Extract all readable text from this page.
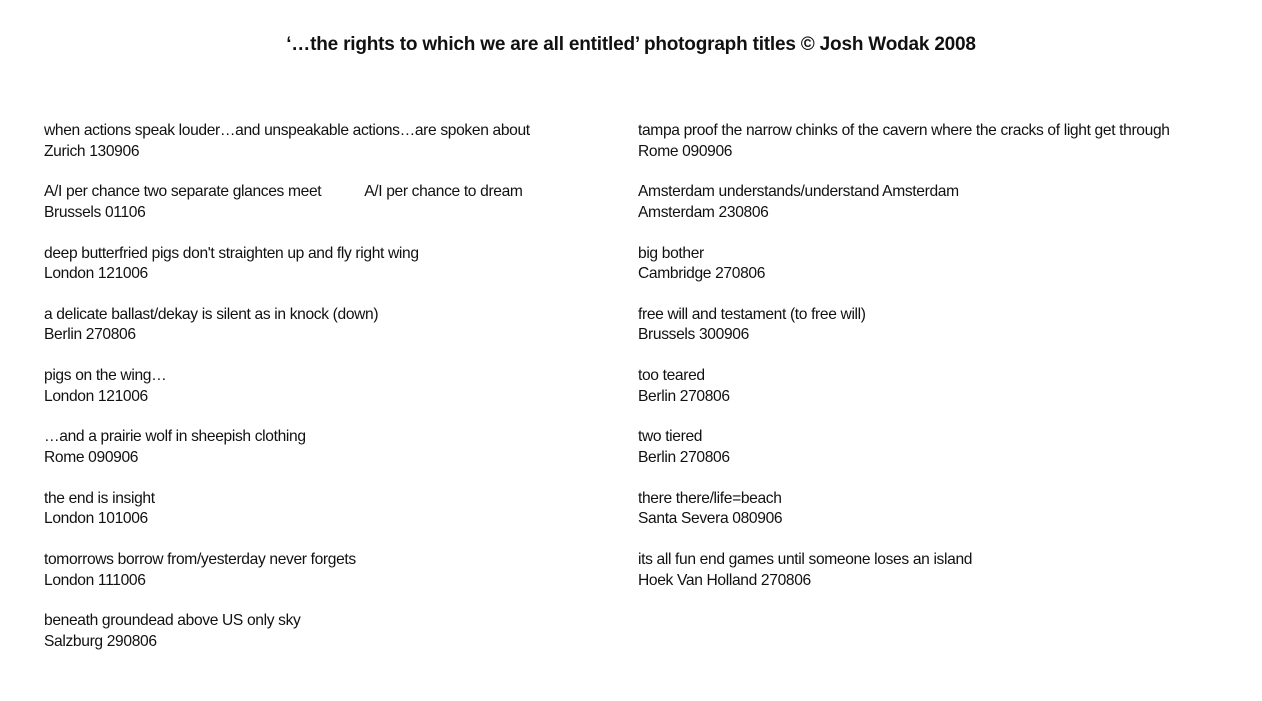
‘…the rights to which we are all entitled’ photograph titles © Josh Wodak 2008
when actions speak louder…and unspeakable actions…are spoken about
Zurich 130906
A/I per chance two separate glances meet           A/I per chance to dream
Brussels 01106
deep butterfried pigs don't straighten up and fly right wing
London 121006
a delicate ballast/dekay is silent as in knock (down)
Berlin 270806
pigs on the wing…
London 121006
…and a prairie wolf in sheepish clothing
Rome 090906
the end is insight
London 101006
tomorrows borrow from/yesterday never forgets
London 111006
beneath groundead above US only sky
Salzburg 290806
tampa proof the narrow chinks of the cavern where the cracks of light get through
Rome 090906
Amsterdam understands/understand Amsterdam
Amsterdam 230806
big bother
Cambridge 270806
free will and testament (to free will)
Brussels 300906
too teared
Berlin 270806
two tiered
Berlin 270806
there there/life=beach
Santa Severa 080906
its all fun end games until someone loses an island
Hoek Van Holland 270806
